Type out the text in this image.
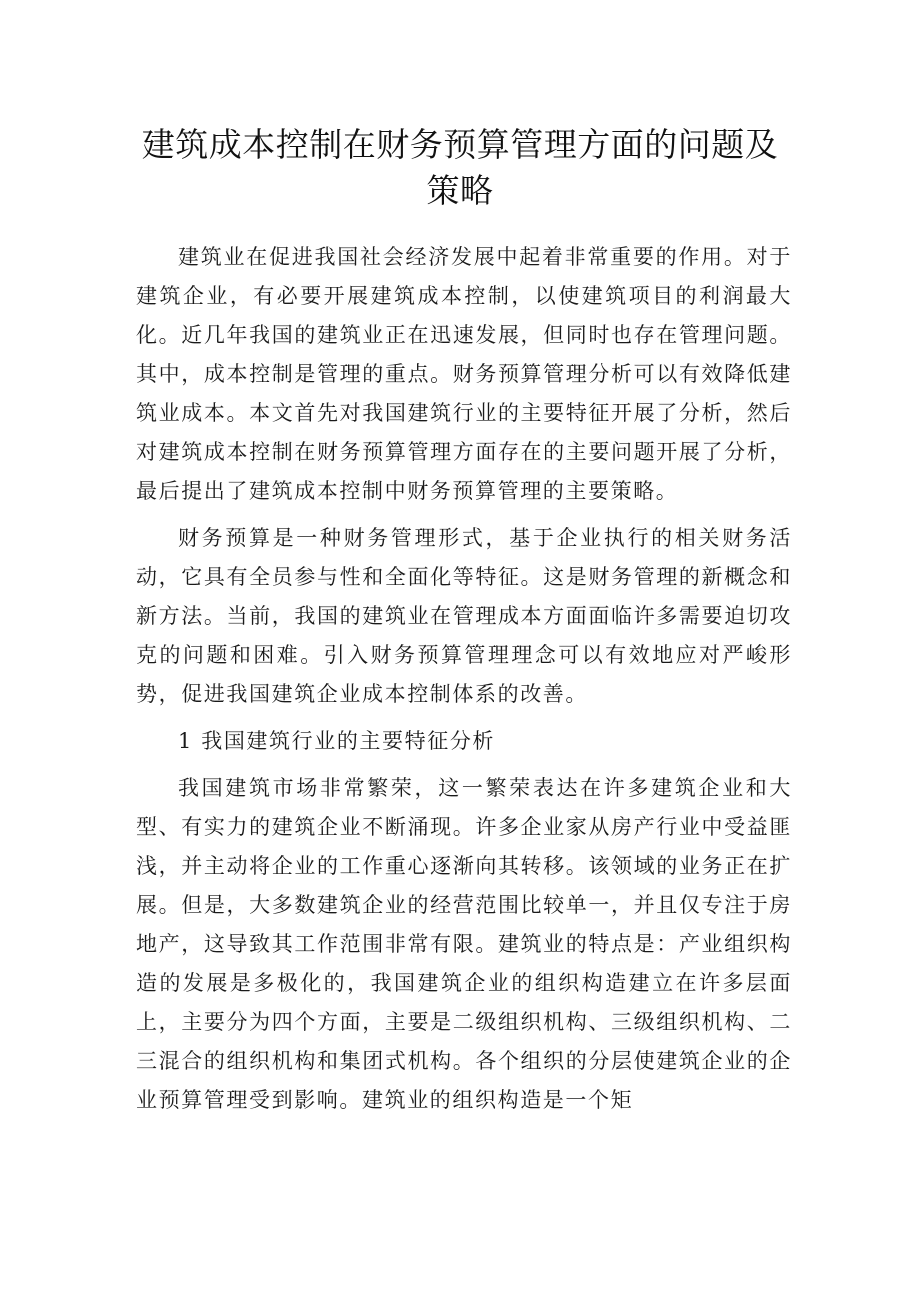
建筑成本控制在财务预算管理方面的问题及策略

建筑业在促进我国社会经济发展中起着非常重要的作用。对于建筑企业，有必要开展建筑成本控制，以使建筑项目的利润最大化。近几年我国的建筑业正在迅速发展，但同时也存在管理问题。其中，成本控制是管理的重点。财务预算管理分析可以有效降低建筑业成本。本文首先对我国建筑行业的主要特征开展了分析，然后对建筑成本控制在财务预算管理方面存在的主要问题开展了分析，最后提出了建筑成本控制中财务预算管理的主要策略。

财务预算是一种财务管理形式，基于企业执行的相关财务活动，它具有全员参与性和全面化等特征。这是财务管理的新概念和新方法。当前，我国的建筑业在管理成本方面面临许多需要迫切攻克的问题和困难。引入财务预算管理理念可以有效地应对严峻形势，促进我国建筑企业成本控制体系的改善。

1 我国建筑行业的主要特征分析

我国建筑市场非常繁荣，这一繁荣表达在许多建筑企业和大型、有实力的建筑企业不断涌现。许多企业家从房产行业中受益匪浅，并主动将企业的工作重心逐渐向其转移。该领域的业务正在扩展。但是，大多数建筑企业的经营范围比较单一，并且仅专注于房地产，这导致其工作范围非常有限。建筑业的特点是：产业组织构造的发展是多极化的，我国建筑企业的组织构造建立在许多层面上，主要分为四个方面，主要是二级组织机构、三级组织机构、二三混合的组织机构和集团式机构。各个组织的分层使建筑企业的企业预算管理受到影响。建筑业的组织构造是一个矩
